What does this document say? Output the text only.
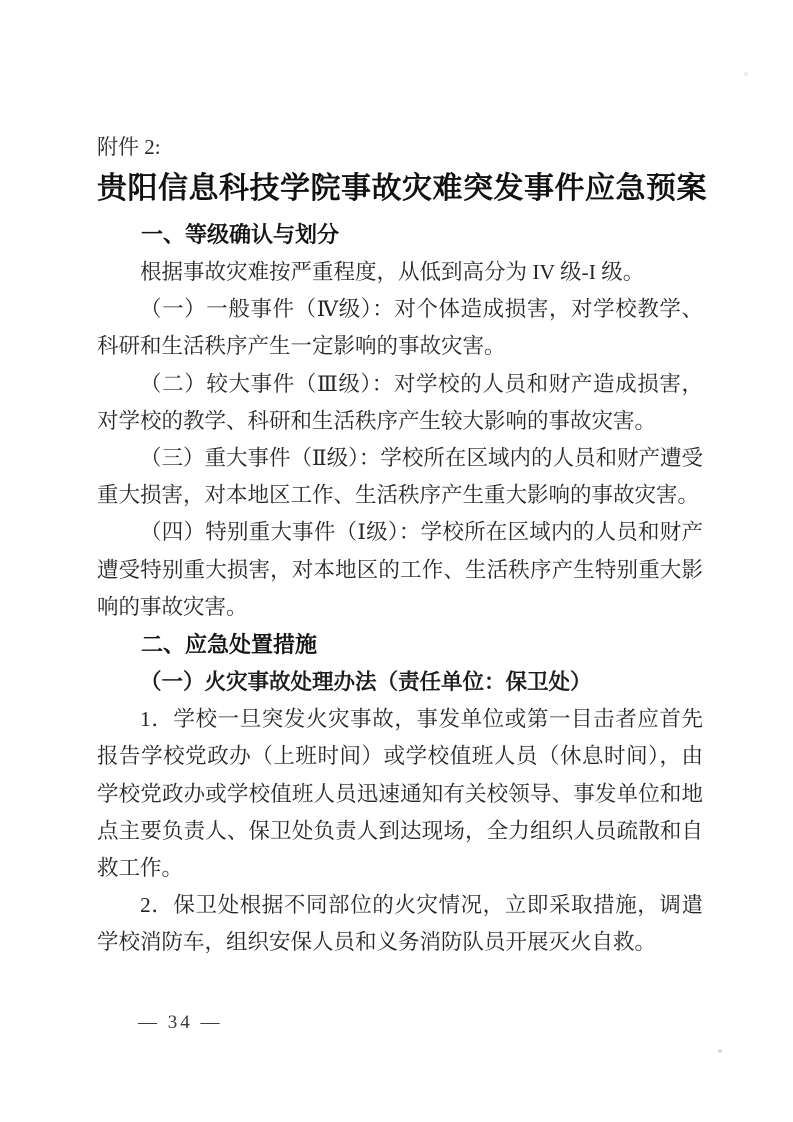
附件 2:

贵阳信息科技学院事故灾难突发事件应急预案
一、等级确认与划分

根据事故灾难按严重程度，从低到高分为 IV 级-I 级。

（一）一般事件（Ⅳ级）：对个体造成损害，对学校教学、科研和生活秩序产生一定影响的事故灾害。

（二）较大事件（Ⅲ级）：对学校的人员和财产造成损害，对学校的教学、科研和生活秩序产生较大影响的事故灾害。

（三）重大事件（Ⅱ级）：学校所在区域内的人员和财产遭受重大损害，对本地区工作、生活秩序产生重大影响的事故灾害。

（四）特别重大事件（Ⅰ级）：学校所在区域内的人员和财产遭受特别重大损害，对本地区的工作、生活秩序产生特别重大影响的事故灾害。

二、应急处置措施
（一）火灾事故处理办法（责任单位：保卫处）

1．学校一旦突发火灾事故，事发单位或第一目击者应首先报告学校党政办（上班时间）或学校值班人员（休息时间），由学校党政办或学校值班人员迅速通知有关校领导、事发单位和地点主要负责人、保卫处负责人到达现场，全力组织人员疏散和自救工作。

2．保卫处根据不同部位的火灾情况，立即采取措施，调遣学校消防车，组织安保人员和义务消防队员开展灭火自救。

— 34 —
